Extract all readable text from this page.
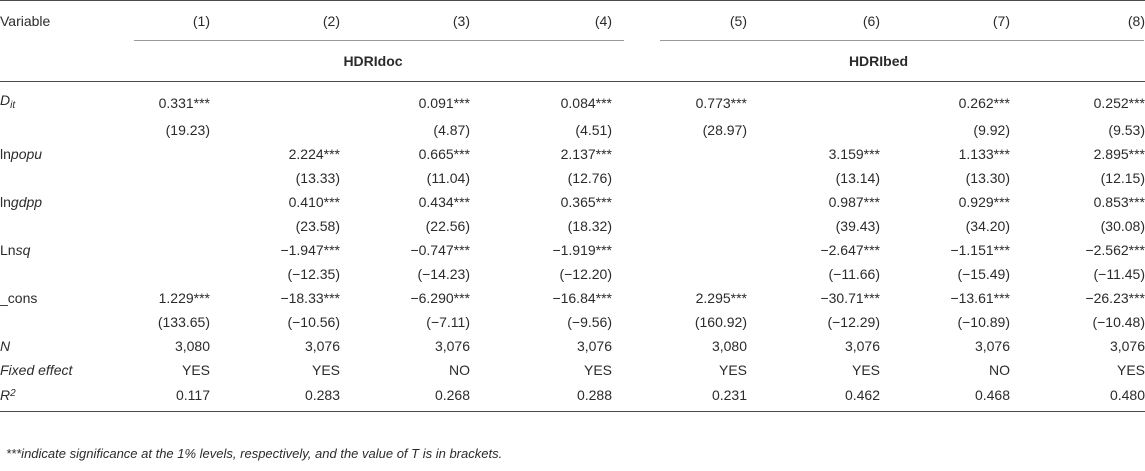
Variable	(1)	(2)	(3)	(4)	(5)	(6)	(7)	(8)
	HDRIdoc				HDRIbed			
$D_{it}$	0.331***		0.091***	0.084***	0.773***		0.262***	0.252***
	(19.23)		(4.87)	(4.51)	(28.97)		(9.92)	(9.53)
lnpopu		2.224***	0.665***	2.137***		3.159***	1.133***	2.895***
		(13.33)	(11.04)	(12.76)		(13.14)	(13.30)	(12.15)
lngdpp		0.410***	0.434***	0.365***		0.987***	0.929***	0.853***
		(23.58)	(22.56)	(18.32)		(39.43)	(34.20)	(30.08)
Lnsq		−1.947***	−0.747***	−1.919***		−2.647***	−1.151***	−2.562***
		(−12.35)	(−14.23)	(−12.20)		(−11.66)	(−15.49)	(−11.45)
_cons	1.229***	−18.33***	−6.290***	−16.84***	2.295***	−30.71***	−13.61***	−26.23***
	(133.65)	(−10.56)	(−7.11)	(−9.56)	(160.92)	(−12.29)	(−10.89)	(−10.48)
N	3,080	3,076	3,076	3,076	3,080	3,076	3,076	3,076
Fixed effect	YES	YES	NO	YES	YES	YES	NO	YES
$R^2$	0.117	0.283	0.268	0.288	0.231	0.462	0.468	0.480
***indicate significance at the 1% levels, respectively, and the value of T is in brackets.
